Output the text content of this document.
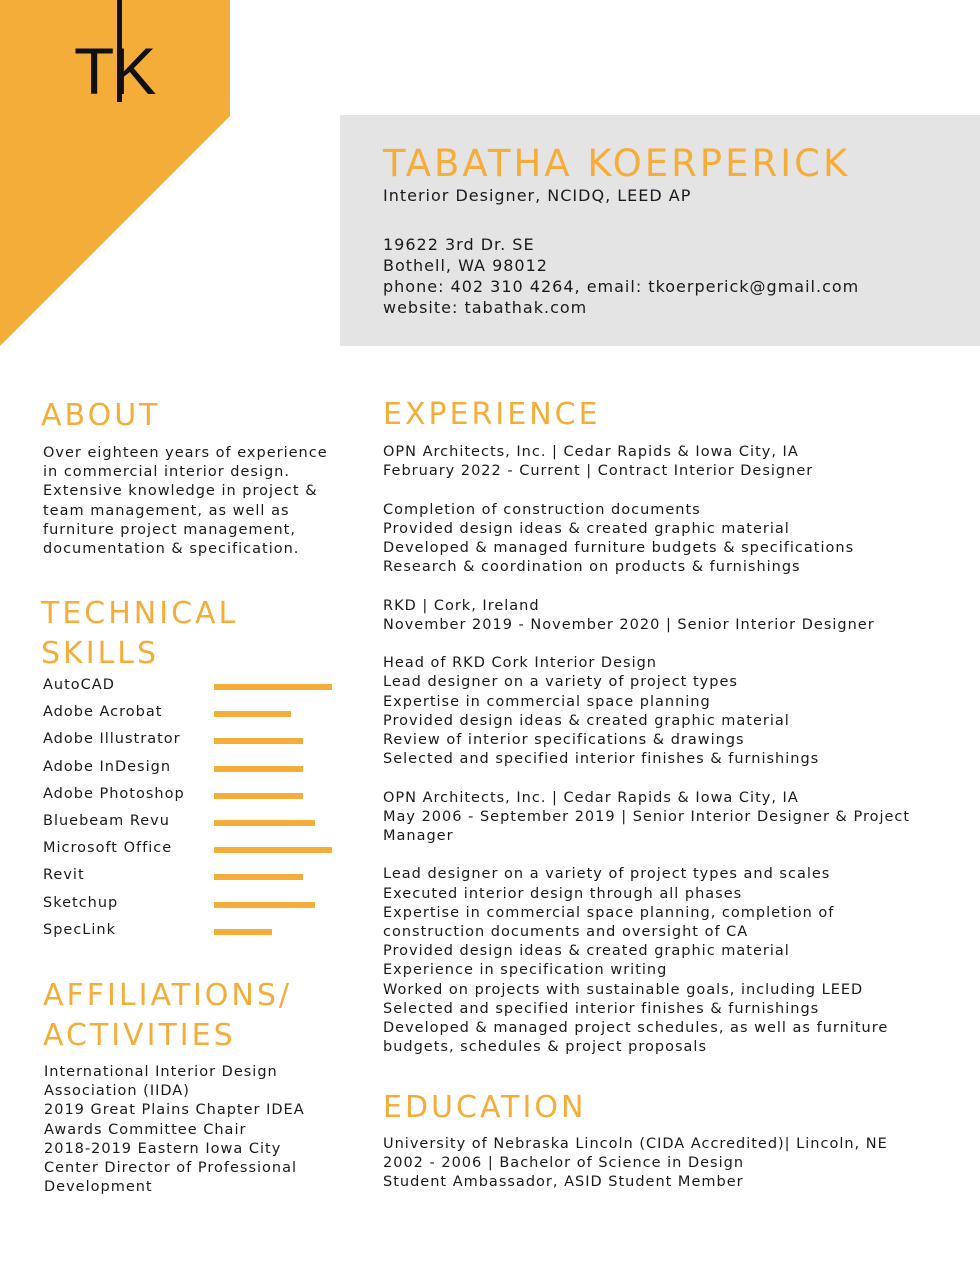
TK
TABATHA KOERPERICK
Interior Designer, NCIDQ, LEED AP
19622 3rd Dr. SE
Bothell, WA 98012
phone: 402 310 4264, email: tkoerperick@gmail.com
website: tabathak.com
ABOUT
Over eighteen years of experience
in commercial interior design.
Extensive knowledge in project &
team management, as well as
furniture project management,
documentation & specification.
TECHNICAL
SKILLS
AutoCAD
Adobe Acrobat
Adobe Illustrator
Adobe InDesign
Adobe Photoshop
Bluebeam Revu
Microsoft Office
Revit
Sketchup
SpecLink
AFFILIATIONS/
ACTIVITIES
International Interior Design
Association (IIDA)
2019 Great Plains Chapter IDEA
Awards Committee Chair
2018-2019 Eastern Iowa City
Center Director of Professional
Development
EXPERIENCE
OPN Architects, Inc. | Cedar Rapids & Iowa City, IA
February 2022 - Current | Contract Interior Designer
Completion of construction documents
Provided design ideas & created graphic material
Developed & managed furniture budgets & specifications
Research & coordination on products & furnishings
RKD | Cork, Ireland
November 2019 - November 2020 | Senior Interior Designer
Head of RKD Cork Interior Design
Lead designer on a variety of project types
Expertise in commercial space planning
Provided design ideas & created graphic material
Review of interior specifications & drawings
Selected and specified interior finishes & furnishings
OPN Architects, Inc. | Cedar Rapids & Iowa City, IA
May 2006 - September 2019 | Senior Interior Designer & Project
Manager
Lead designer on a variety of project types and scales
Executed interior design through all phases
Expertise in commercial space planning, completion of
construction documents and oversight of CA
Provided design ideas & created graphic material
Experience in specification writing
Worked on projects with sustainable goals, including LEED
Selected and specified interior finishes & furnishings
Developed & managed project schedules, as well as furniture
budgets, schedules & project proposals
EDUCATION
University of Nebraska Lincoln (CIDA Accredited)| Lincoln, NE
2002 - 2006 | Bachelor of Science in Design
Student Ambassador, ASID Student Member
